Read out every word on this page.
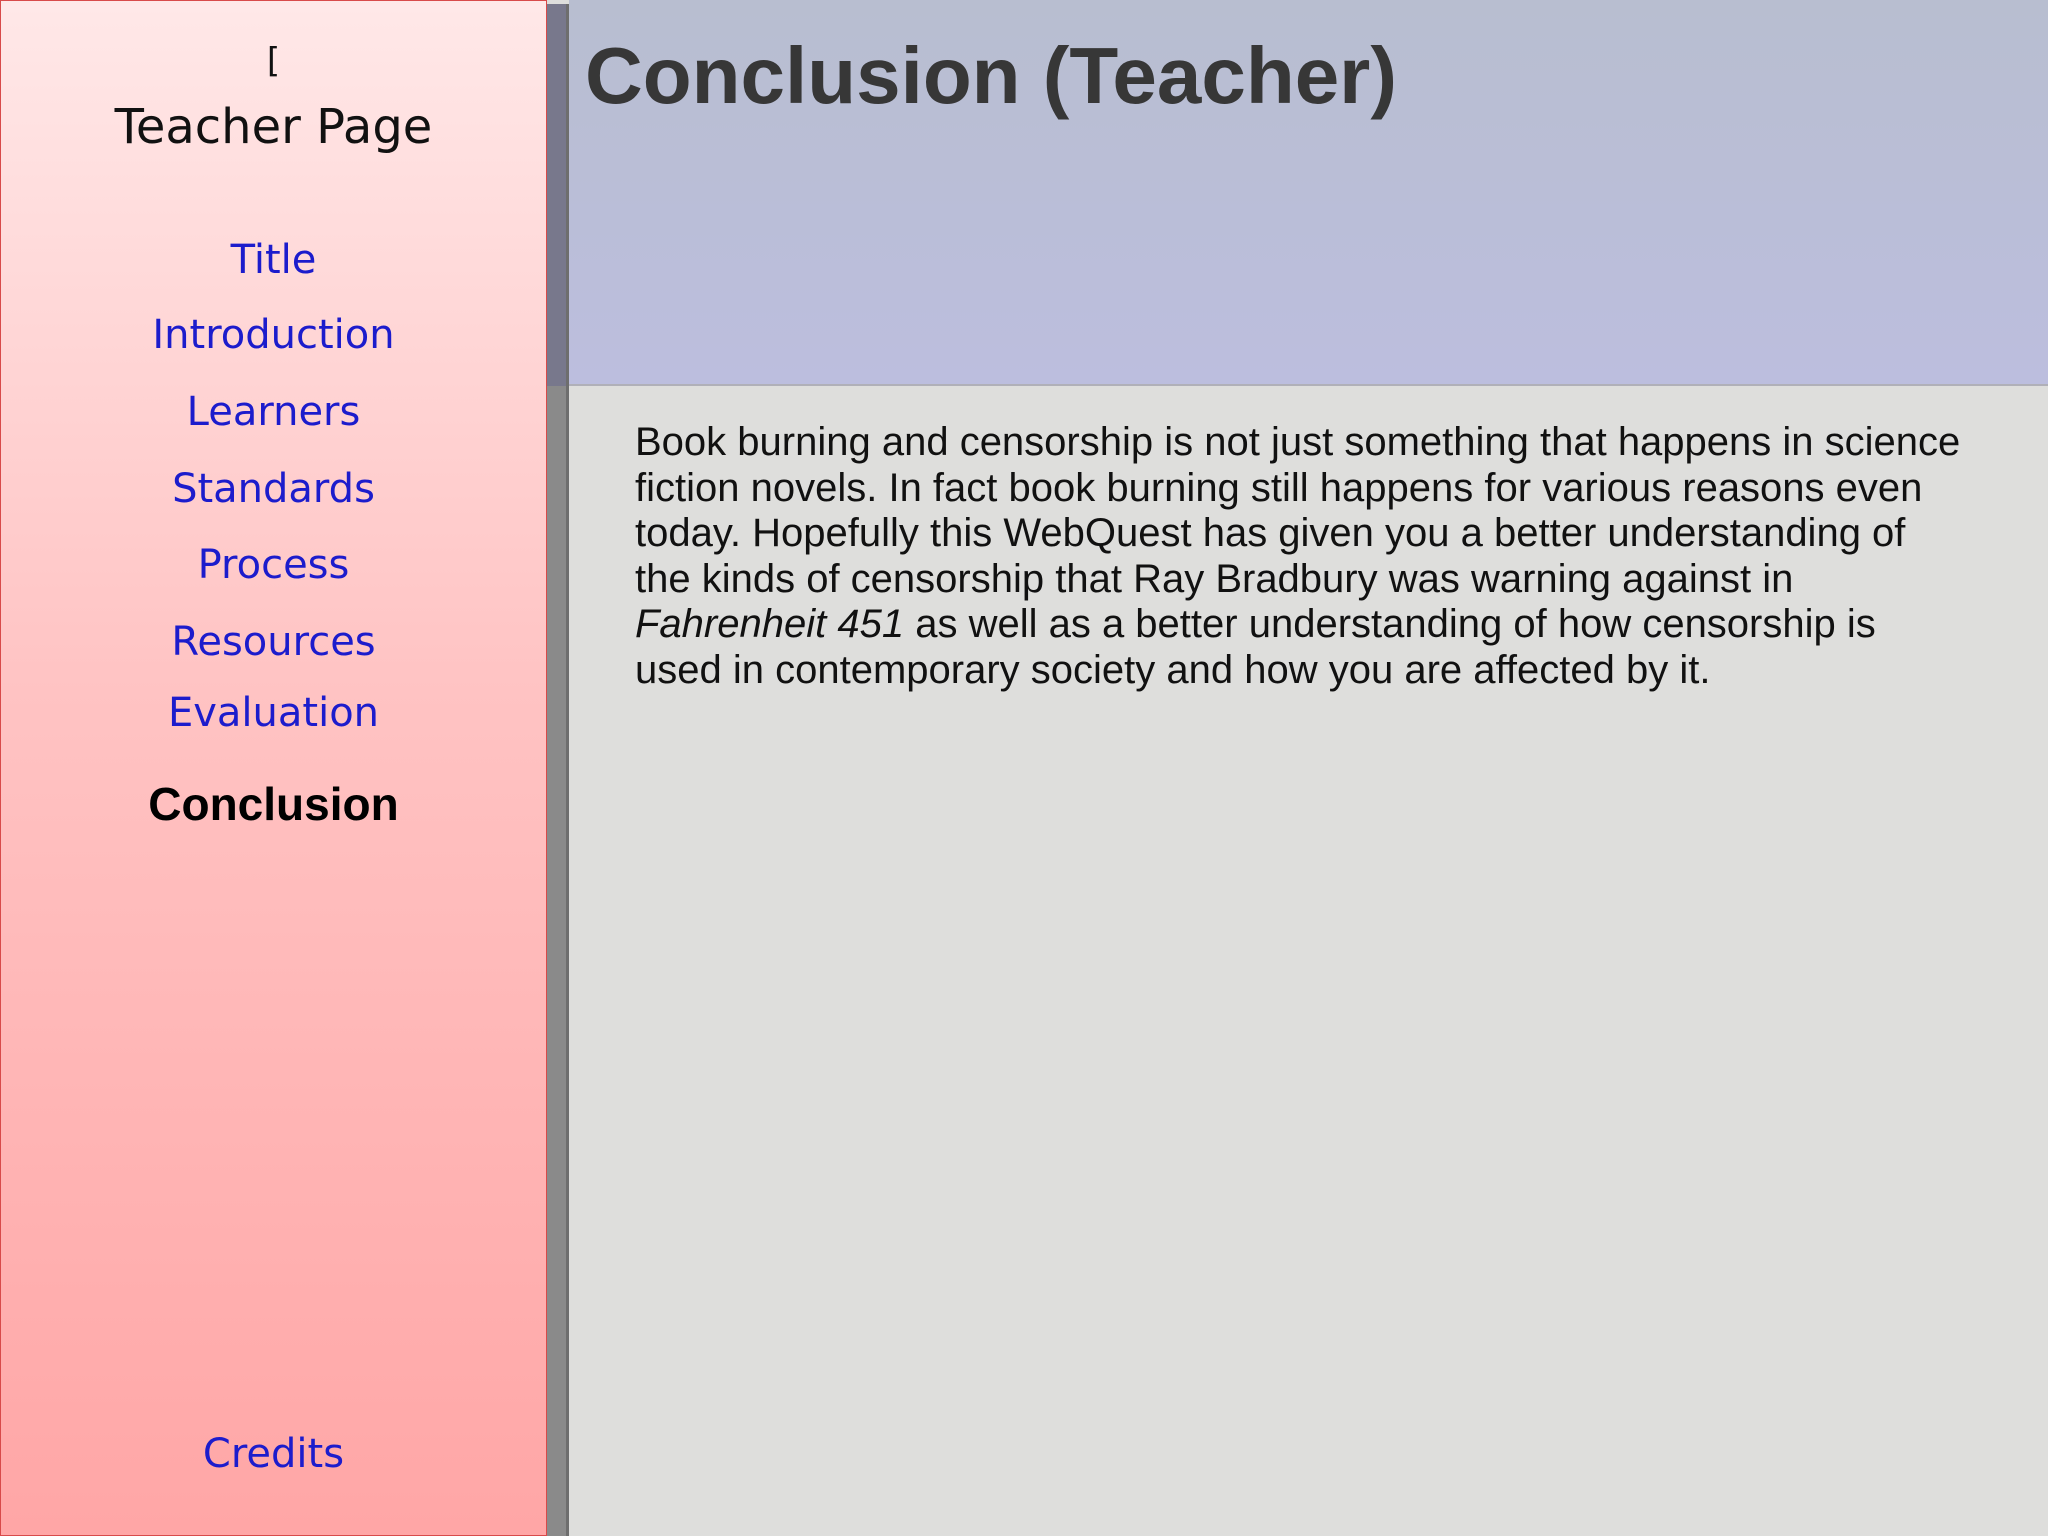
[
Teacher Page
Title
Introduction
Learners
Standards
Process
Resources
Evaluation
Conclusion
Credits
Conclusion (Teacher)
Book burning and censorship is not just something that happens in science
fiction novels. In fact book burning still happens for various reasons even
today. Hopefully this WebQuest has given you a better understanding of
the kinds of censorship that Ray Bradbury was warning against in
Fahrenheit 451 as well as a better understanding of how censorship is
used in contemporary society and how you are affected by it.
